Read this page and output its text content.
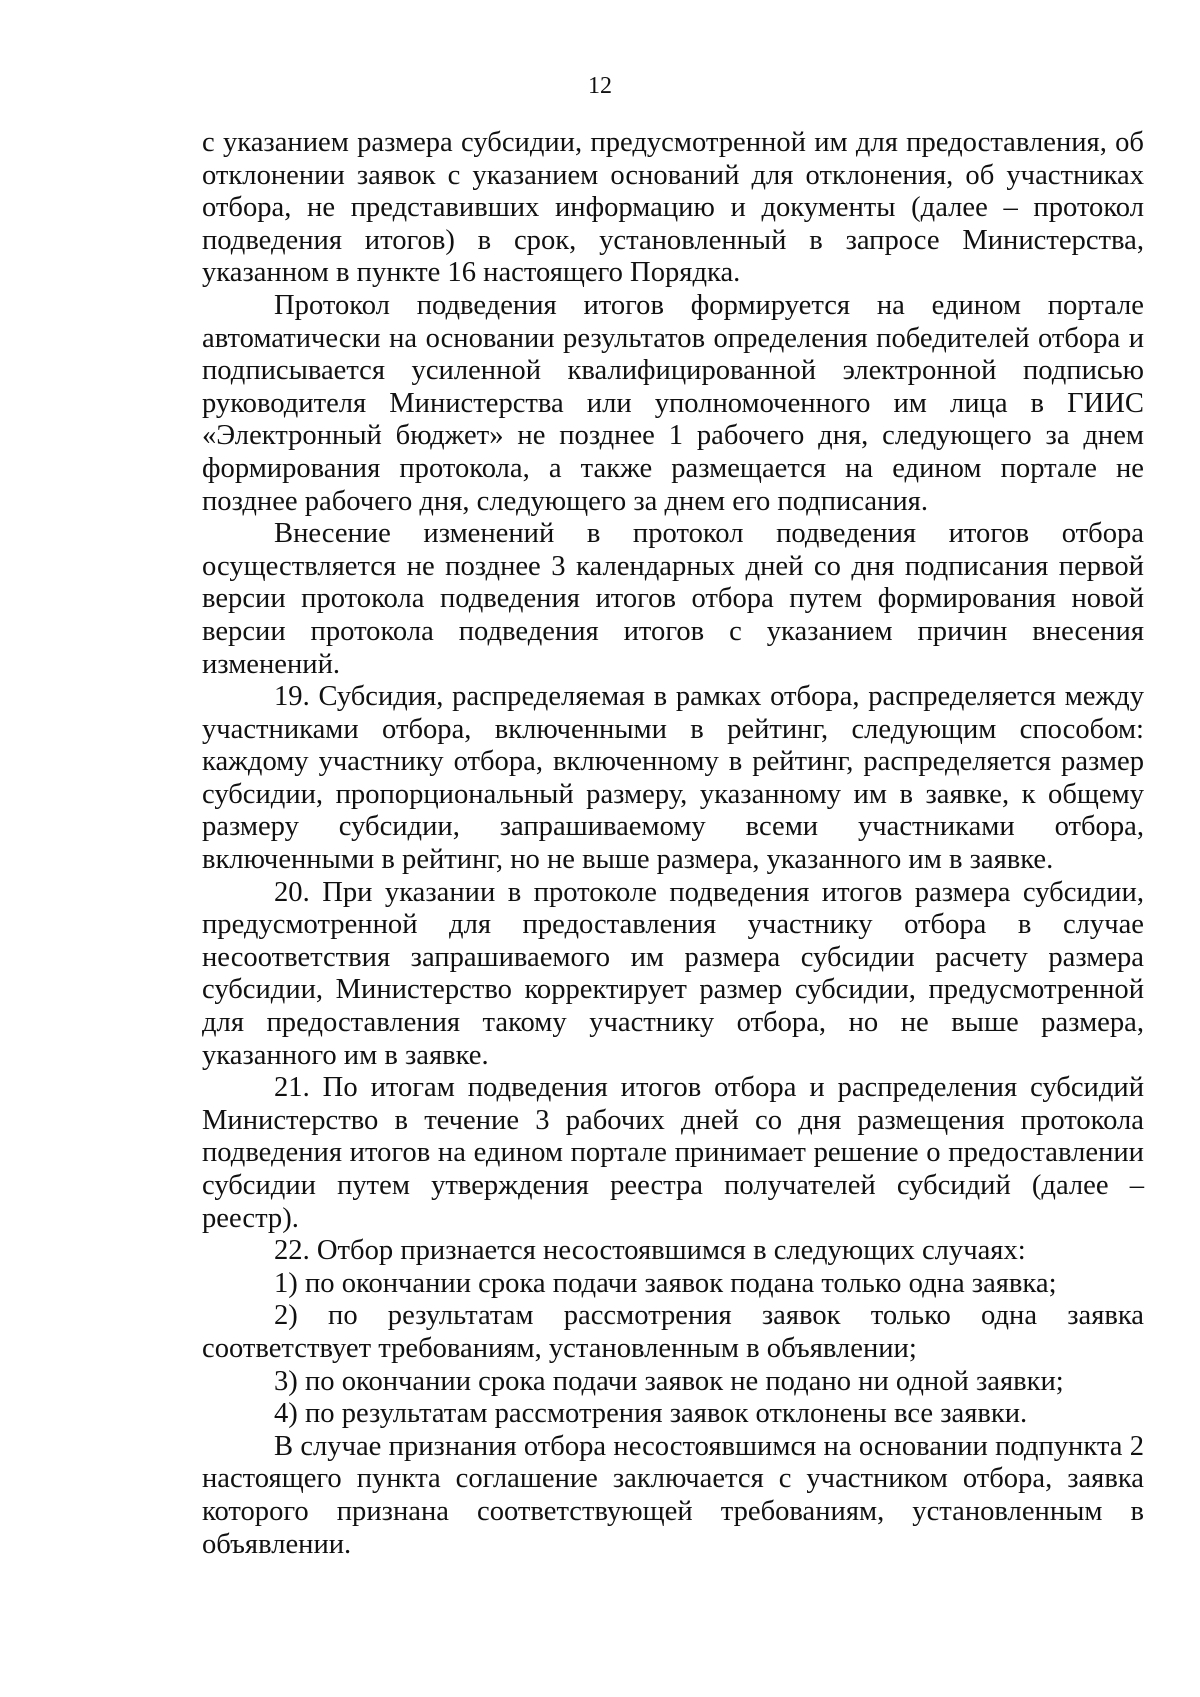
12

с указанием размера субсидии, предусмотренной им для предоставления, об отклонении заявок с указанием оснований для отклонения, об участниках отбора, не представивших информацию и документы (далее – протокол подведения итогов) в срок, установленный в запросе Министерства, указанном в пункте 16 настоящего Порядка.

Протокол подведения итогов формируется на едином портале автоматически на основании результатов определения победителей отбора и подписывается усиленной квалифицированной электронной подписью руководителя Министерства или уполномоченного им лица в ГИИС «Электронный бюджет» не позднее 1 рабочего дня, следующего за днем формирования протокола, а также размещается на едином портале не позднее рабочего дня, следующего за днем его подписания.

Внесение изменений в протокол подведения итогов отбора осуществляется не позднее 3 календарных дней со дня подписания первой версии протокола подведения итогов отбора путем формирования новой версии протокола подведения итогов с указанием причин внесения изменений.

19. Субсидия, распределяемая в рамках отбора, распределяется между участниками отбора, включенными в рейтинг, следующим способом: каждому участнику отбора, включенному в рейтинг, распределяется размер субсидии, пропорциональный размеру, указанному им в заявке, к общему размеру субсидии, запрашиваемому всеми участниками отбора, включенными в рейтинг, но не выше размера, указанного им в заявке.

20. При указании в протоколе подведения итогов размера субсидии, предусмотренной для предоставления участнику отбора в случае несоответствия запрашиваемого им размера субсидии расчету размера субсидии, Министерство корректирует размер субсидии, предусмотренной для предоставления такому участнику отбора, но не выше размера, указанного им в заявке.

21. По итогам подведения итогов отбора и распределения субсидий Министерство в течение 3 рабочих дней со дня размещения протокола подведения итогов на едином портале принимает решение о предоставлении субсидии путем утверждения реестра получателей субсидий (далее – реестр).

22. Отбор признается несостоявшимся в следующих случаях:

1) по окончании срока подачи заявок подана только одна заявка;

2) по результатам рассмотрения заявок только одна заявка соответствует требованиям, установленным в объявлении;

3) по окончании срока подачи заявок не подано ни одной заявки;

4) по результатам рассмотрения заявок отклонены все заявки.

В случае признания отбора несостоявшимся на основании подпункта 2 настоящего пункта соглашение заключается с участником отбора, заявка которого признана соответствующей требованиям, установленным в объявлении.
